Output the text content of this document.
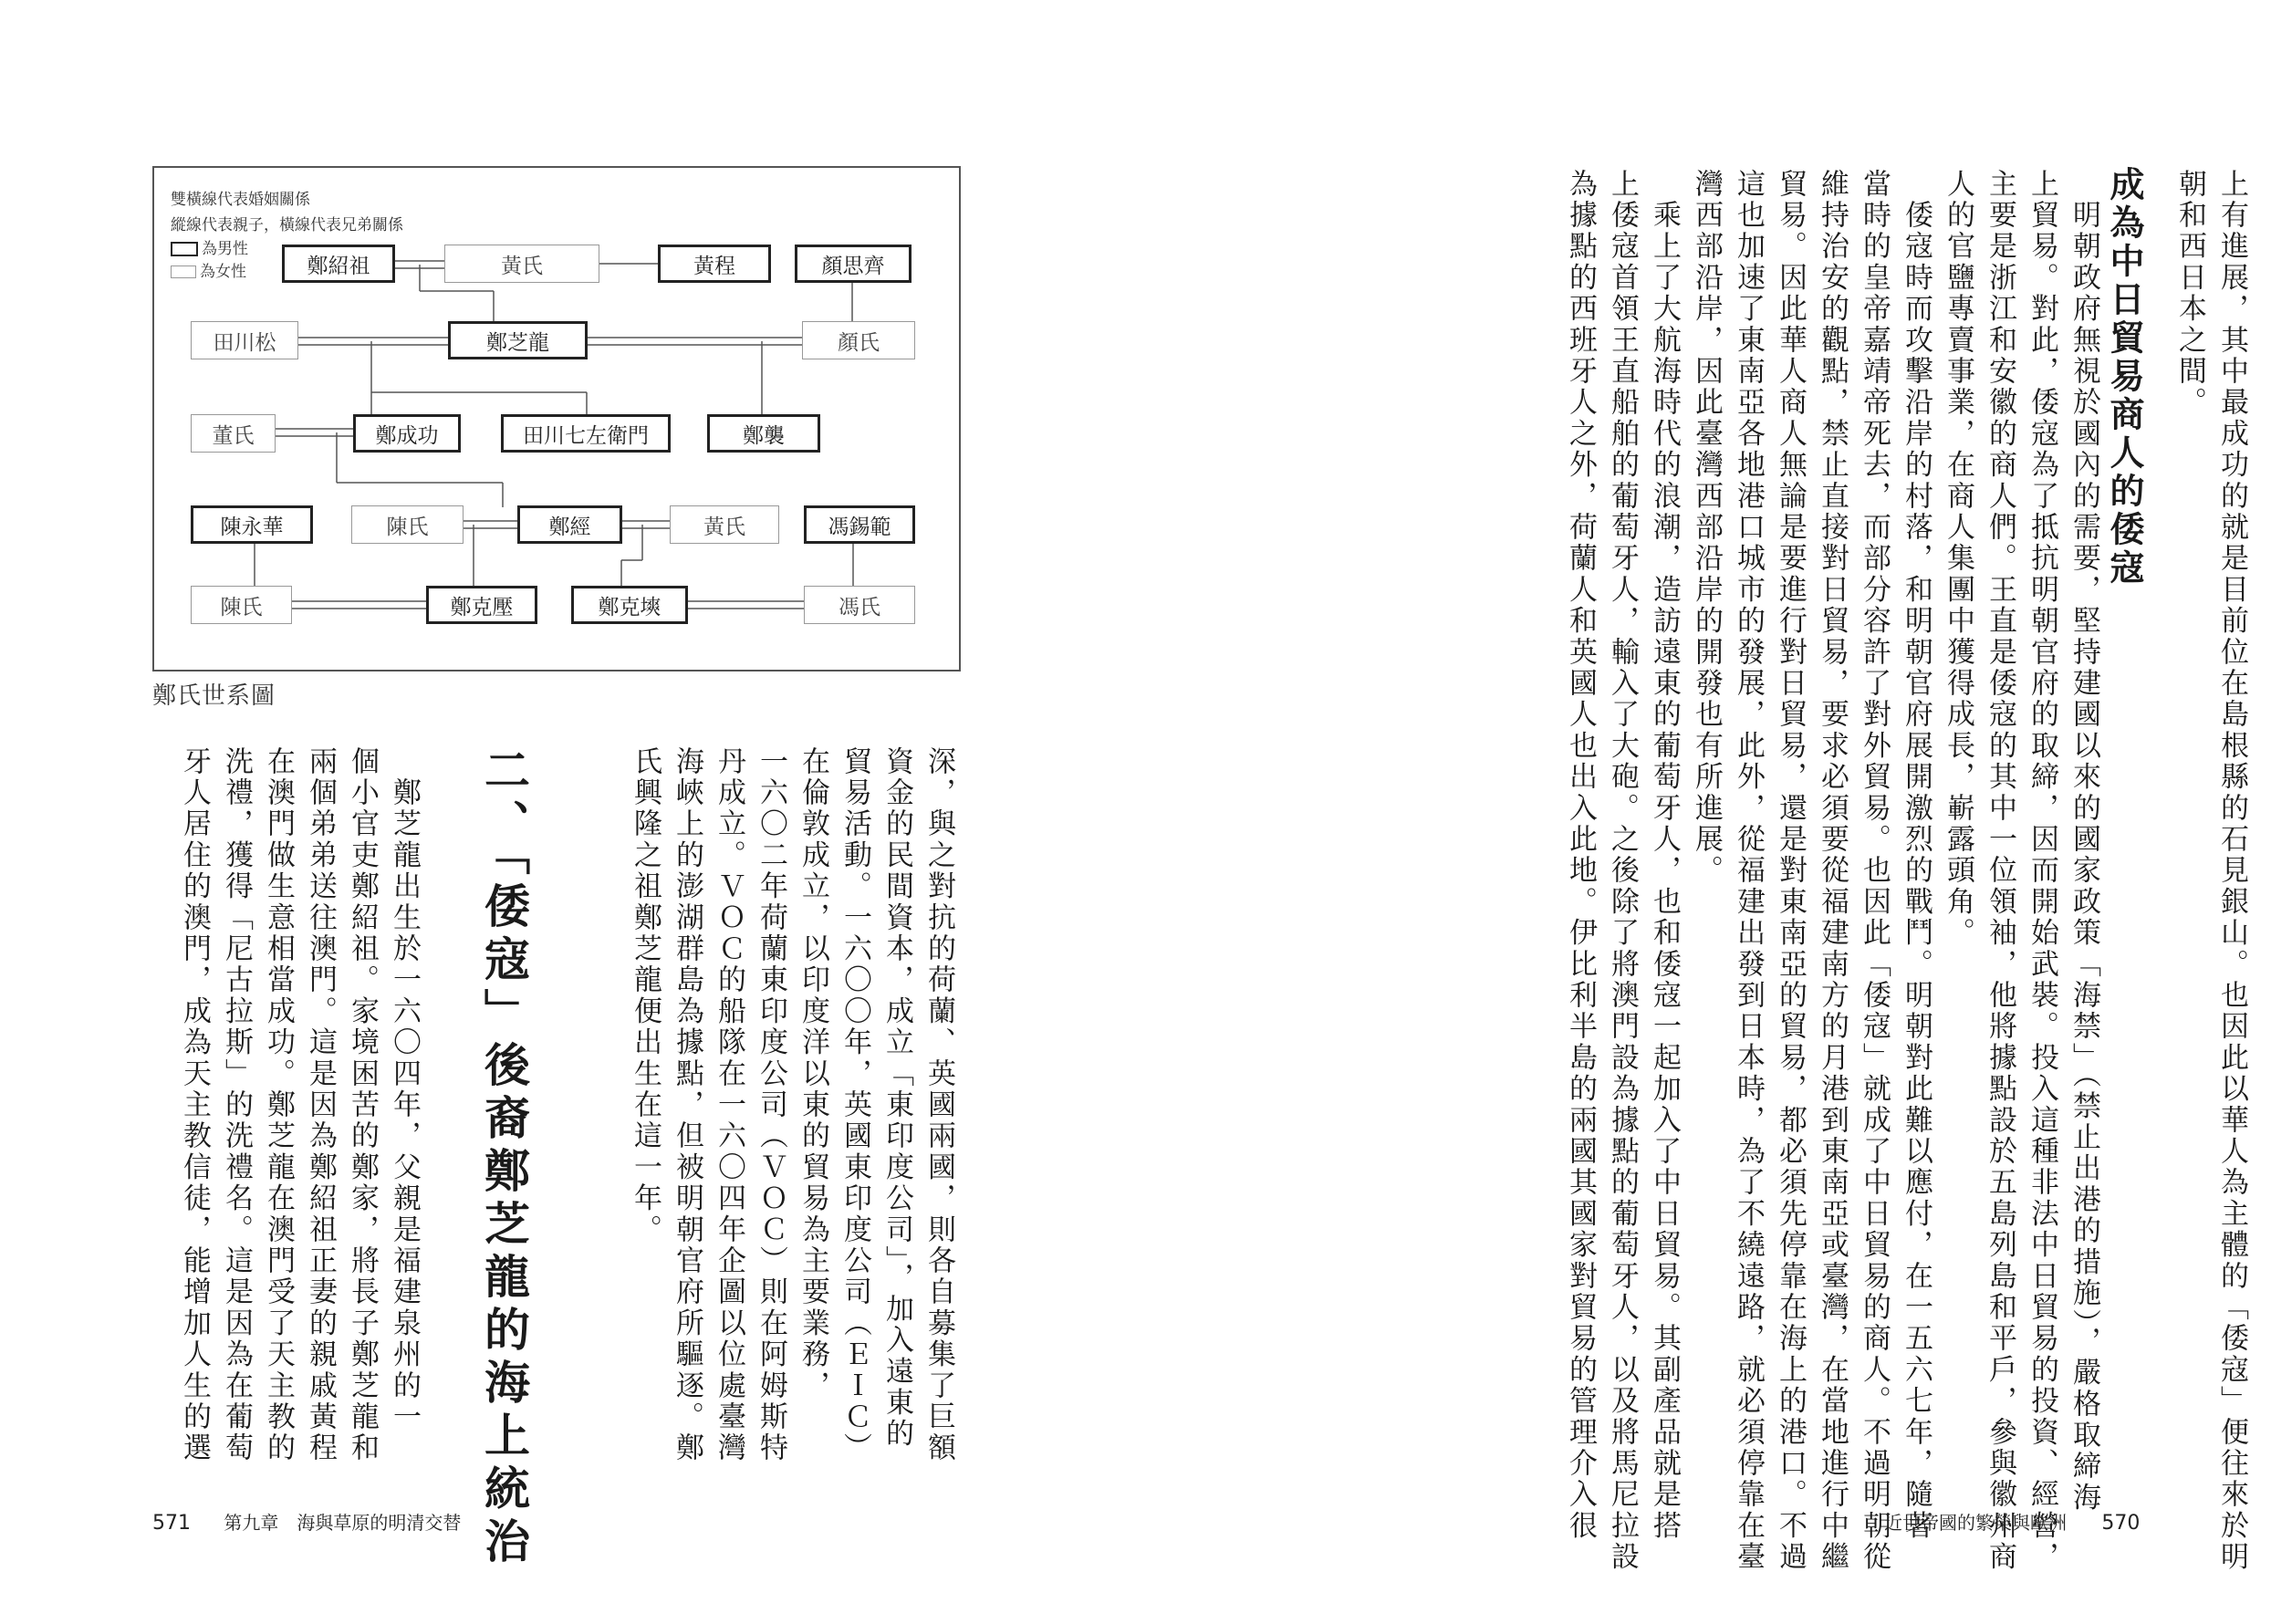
上有進展，其中最成功的就是目前位在島根縣的石見銀山。也因此以華人為主體的「倭寇」便往來於明
朝和西日本之間。
成為中日貿易商人的倭寇
　明朝政府無視於國內的需要，堅持建國以來的國家政策「海禁」（禁止出港的措施），嚴格取締海
上貿易。對此，倭寇為了抵抗明朝官府的取締，因而開始武裝。投入這種非法中日貿易的投資、經營，
主要是浙江和安徽的商人們。王直是倭寇的其中一位領袖，他將據點設於五島列島和平戶，參與徽州商
人的官鹽專賣事業，在商人集團中獲得成長，嶄露頭角。
　倭寇時而攻擊沿岸的村落，和明朝官府展開激烈的戰鬥。明朝對此難以應付，在一五六七年，隨著
當時的皇帝嘉靖帝死去，而部分容許了對外貿易。也因此「倭寇」就成了中日貿易的商人。不過明朝從
維持治安的觀點，禁止直接對日貿易，要求必須要從福建南方的月港到東南亞或臺灣，在當地進行中繼
貿易。因此華人商人無論是要進行對日貿易，還是對東南亞的貿易，都必須先停靠在海上的港口。不過
這也加速了東南亞各地港口城市的發展，此外，從福建出發到日本時，為了不繞遠路，就必須停靠在臺
灣西部沿岸，因此臺灣西部沿岸的開發也有所進展。
　乘上了大航海時代的浪潮，造訪遠東的葡萄牙人，也和倭寇一起加入了中日貿易。其副產品就是搭
上倭寇首領王直船舶的葡萄牙人，輸入了大砲。之後除了將澳門設為據點的葡萄牙人，以及將馬尼拉設
為據點的西班牙人之外，荷蘭人和英國人也出入此地。伊比利半島的兩國其國家對貿易的管理介入很	近世帝國的繁榮與歐洲 570
雙橫線代表婚姻關係
縱線代表親子，橫線代表兄弟關係
為男性
為女性	鄭紹祖	黃氏	黃程	顏思齊
田川松	鄭芝龍	顏氏
董氏	鄭成功	田川七左衛門	鄭襲
陳永華	陳氏	鄭經	黃氏	馮錫範
陳氏	鄭克壓	鄭克塽	馮氏
鄭氏世系圖
深，與之對抗的荷蘭、英國兩國，則各自募集了巨額
資金的民間資本，成立「東印度公司」，加入遠東的
貿易活動。一六〇〇年，英國東印度公司（ＥＩＣ）
在倫敦成立，以印度洋以東的貿易為主要業務，
一六〇二年荷蘭東印度公司（ＶＯＣ）則在阿姆斯特
丹成立。ＶＯＣ的船隊在一六〇四年企圖以位處臺灣
海峽上的澎湖群島為據點，但被明朝官府所驅逐。鄭
氏興隆之祖鄭芝龍便出生在這一年。
二、「倭寇」後裔鄭芝龍的海上統治
　鄭芝龍出生於一六〇四年，父親是福建泉州的一
個小官吏鄭紹祖。家境困苦的鄭家，將長子鄭芝龍和
兩個弟弟送往澳門。這是因為鄭紹祖正妻的親戚黃程
在澳門做生意相當成功。鄭芝龍在澳門受了天主教的
洗禮，獲得「尼古拉斯」的洗禮名。這是因為在葡萄
牙人居住的澳門，成為天主教信徒，能增加人生的選
571 第九章　海與草原的明清交替
